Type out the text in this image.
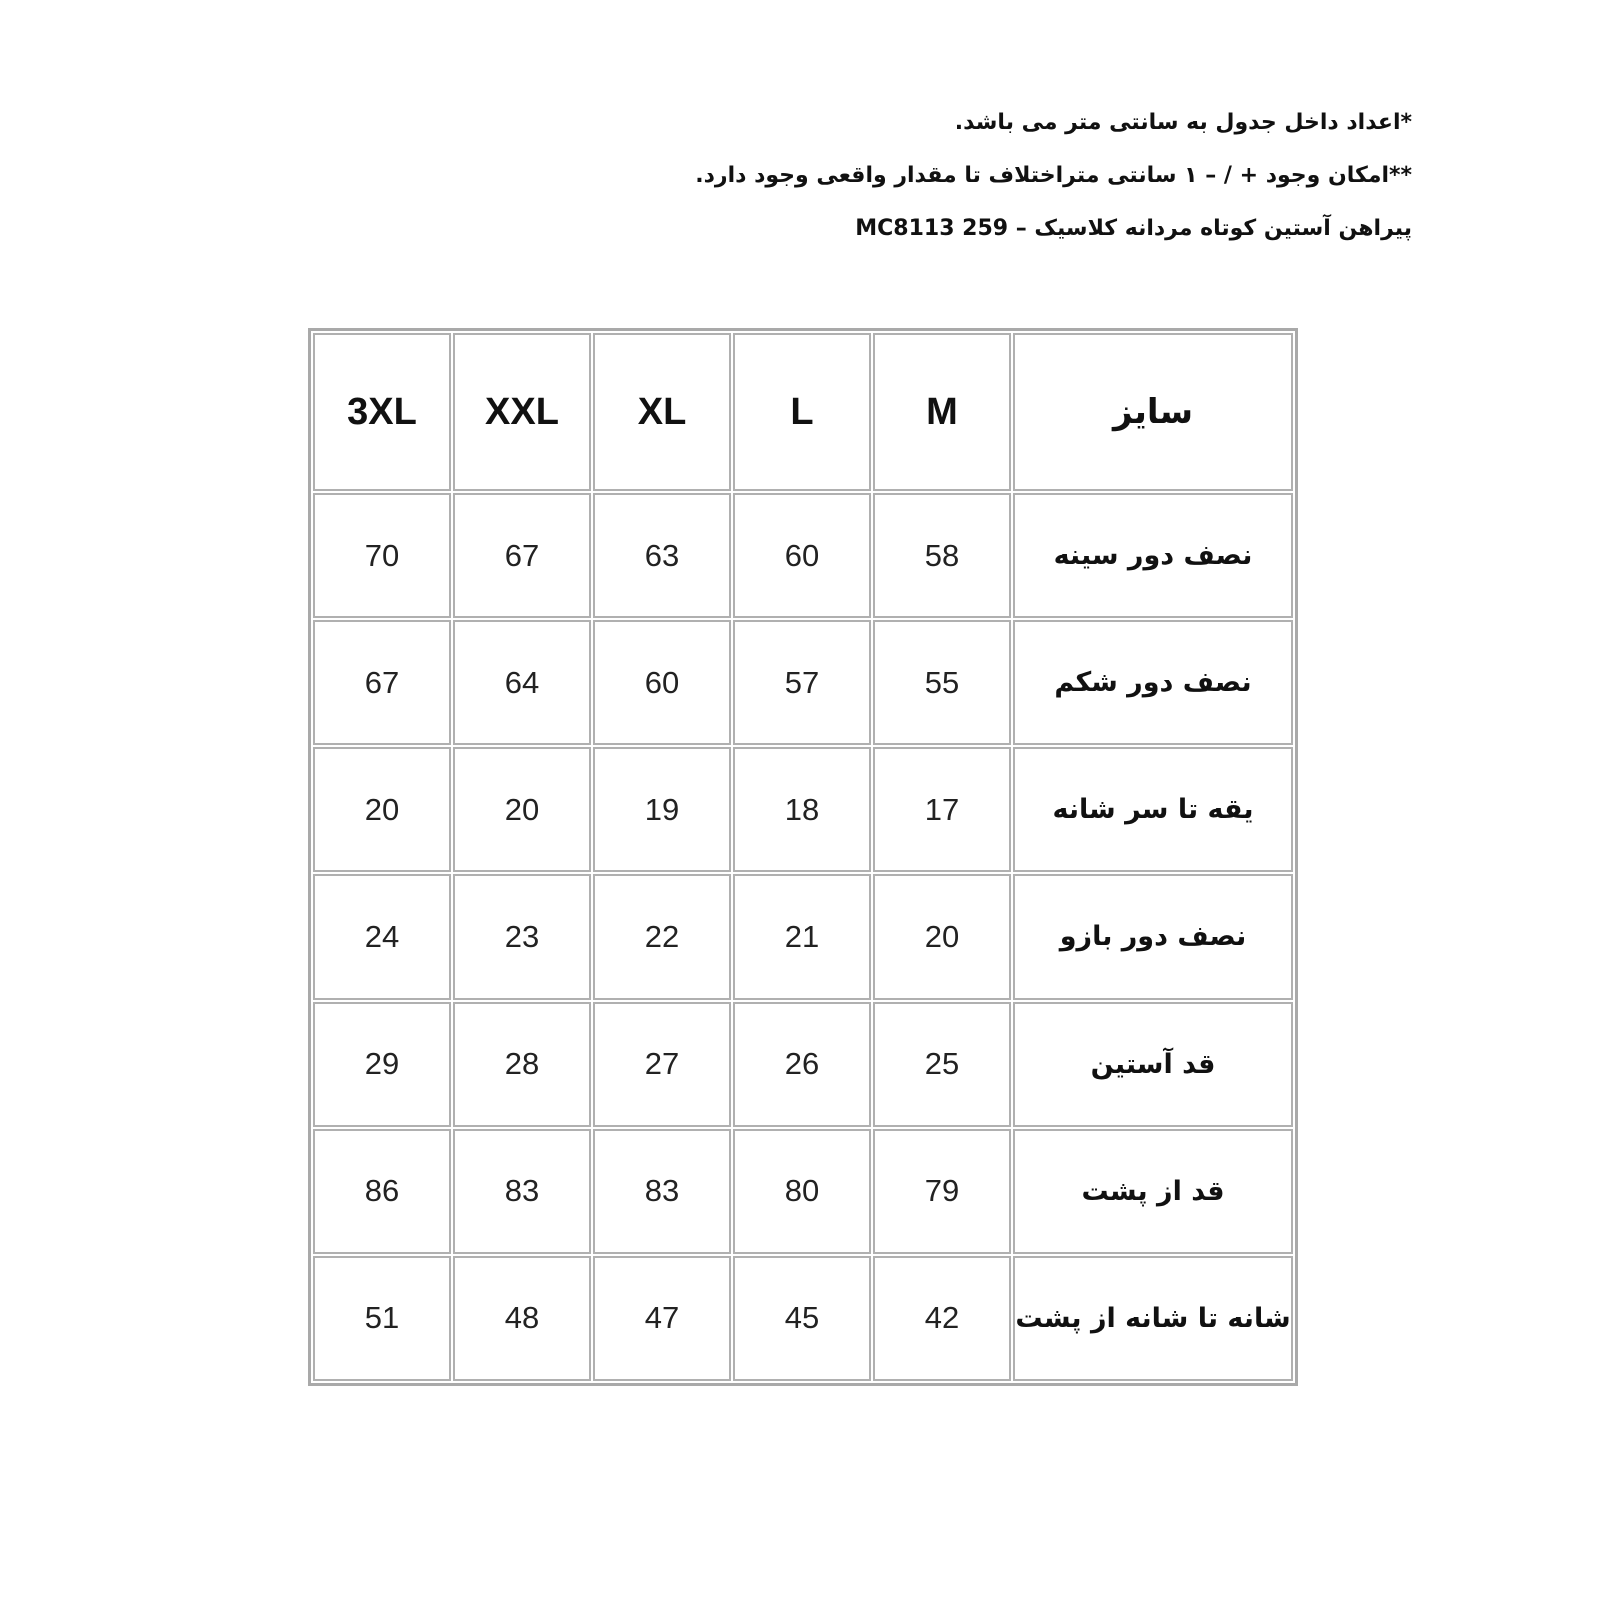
*اعداد داخل جدول به سانتی متر می باشد.
**امکان وجود + / – ۱ سانتی متراختلاف تا مقدار واقعی وجود دارد.
پیراهن آستین کوتاه مردانه کلاسیک – MC8113 259
سایز	M	L	XL	XXL	3XL
نصف دور سینه	58	60	63	67	70
نصف دور شکم	55	57	60	64	67
یقه تا سر شانه	17	18	19	20	20
نصف دور بازو	20	21	22	23	24
قد آستین	25	26	27	28	29
قد از پشت	79	80	83	83	86
شانه تا شانه از پشت	42	45	47	48	51
